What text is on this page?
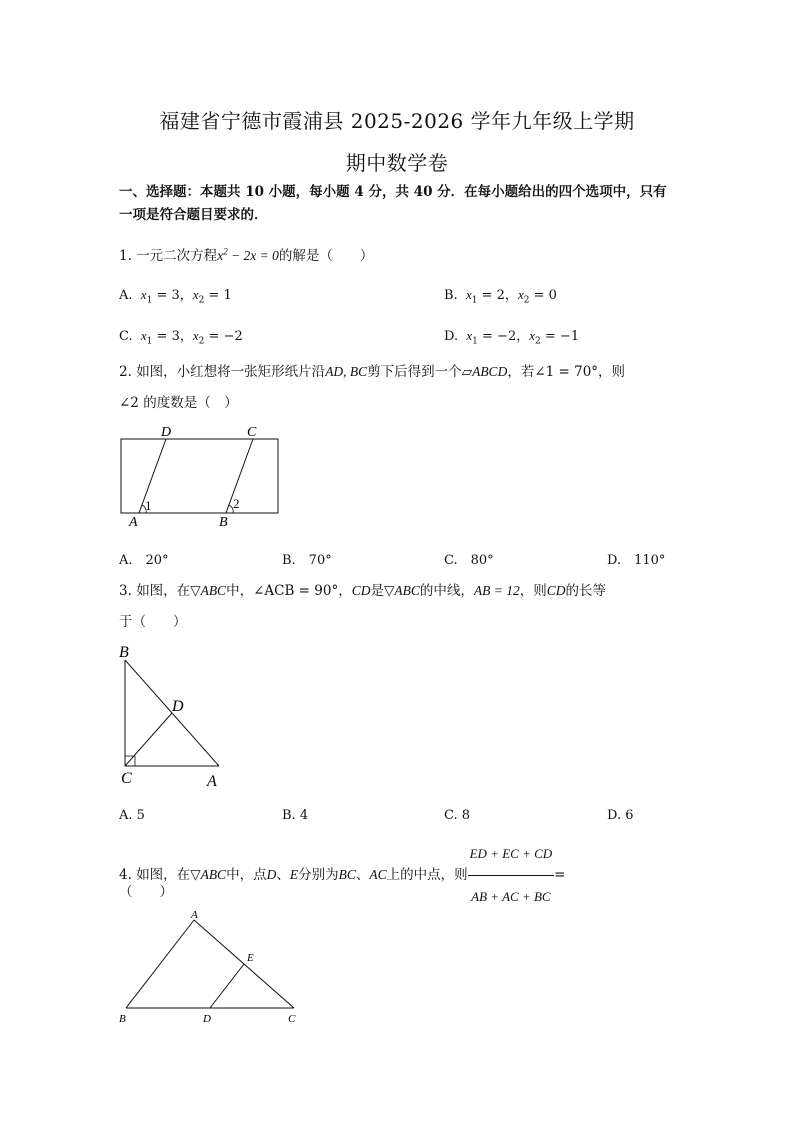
福建省宁德市霞浦县 2025-2026 学年九年级上学期
期中数学卷
一、选择题：本题共 10 小题，每小题 4 分，共 40 分．在每小题给出的四个选项中，只有
一项是符合题目要求的．
1. 一元二次方程$x^2 - 2x = 0$的解是（　　）
A. $x_1 = 3$，$x_2 = 1$	B. $x_1 = 2$，$x_2 = 0$
C. $x_1 = 3$，$x_2 = -2$	D. $x_1 = -2$，$x_2 = -1$
2. 如图，小红想将一张矩形纸片沿AD, BC剪下后得到一个▱ABCD，若∠1 = 70°，则
∠2 的度数是（　）
D	C
A	B
1	2
A.　20°	B.　70°	C.　80°	D.　110°
3. 如图，在▽ABC中，∠ACB = 90°，CD是▽ABC的中线，AB = 12，则CD的长等
于（　　）
B
D
C	A
A. 5	B. 4	C. 8	D. 6
4. 如图，在▽ABC中，点D、E分别为BC、AC上的中点，则 $\frac{ED + EC + CD}{AB + AC + BC}$ =
（　　）
A
E
B	D	C
